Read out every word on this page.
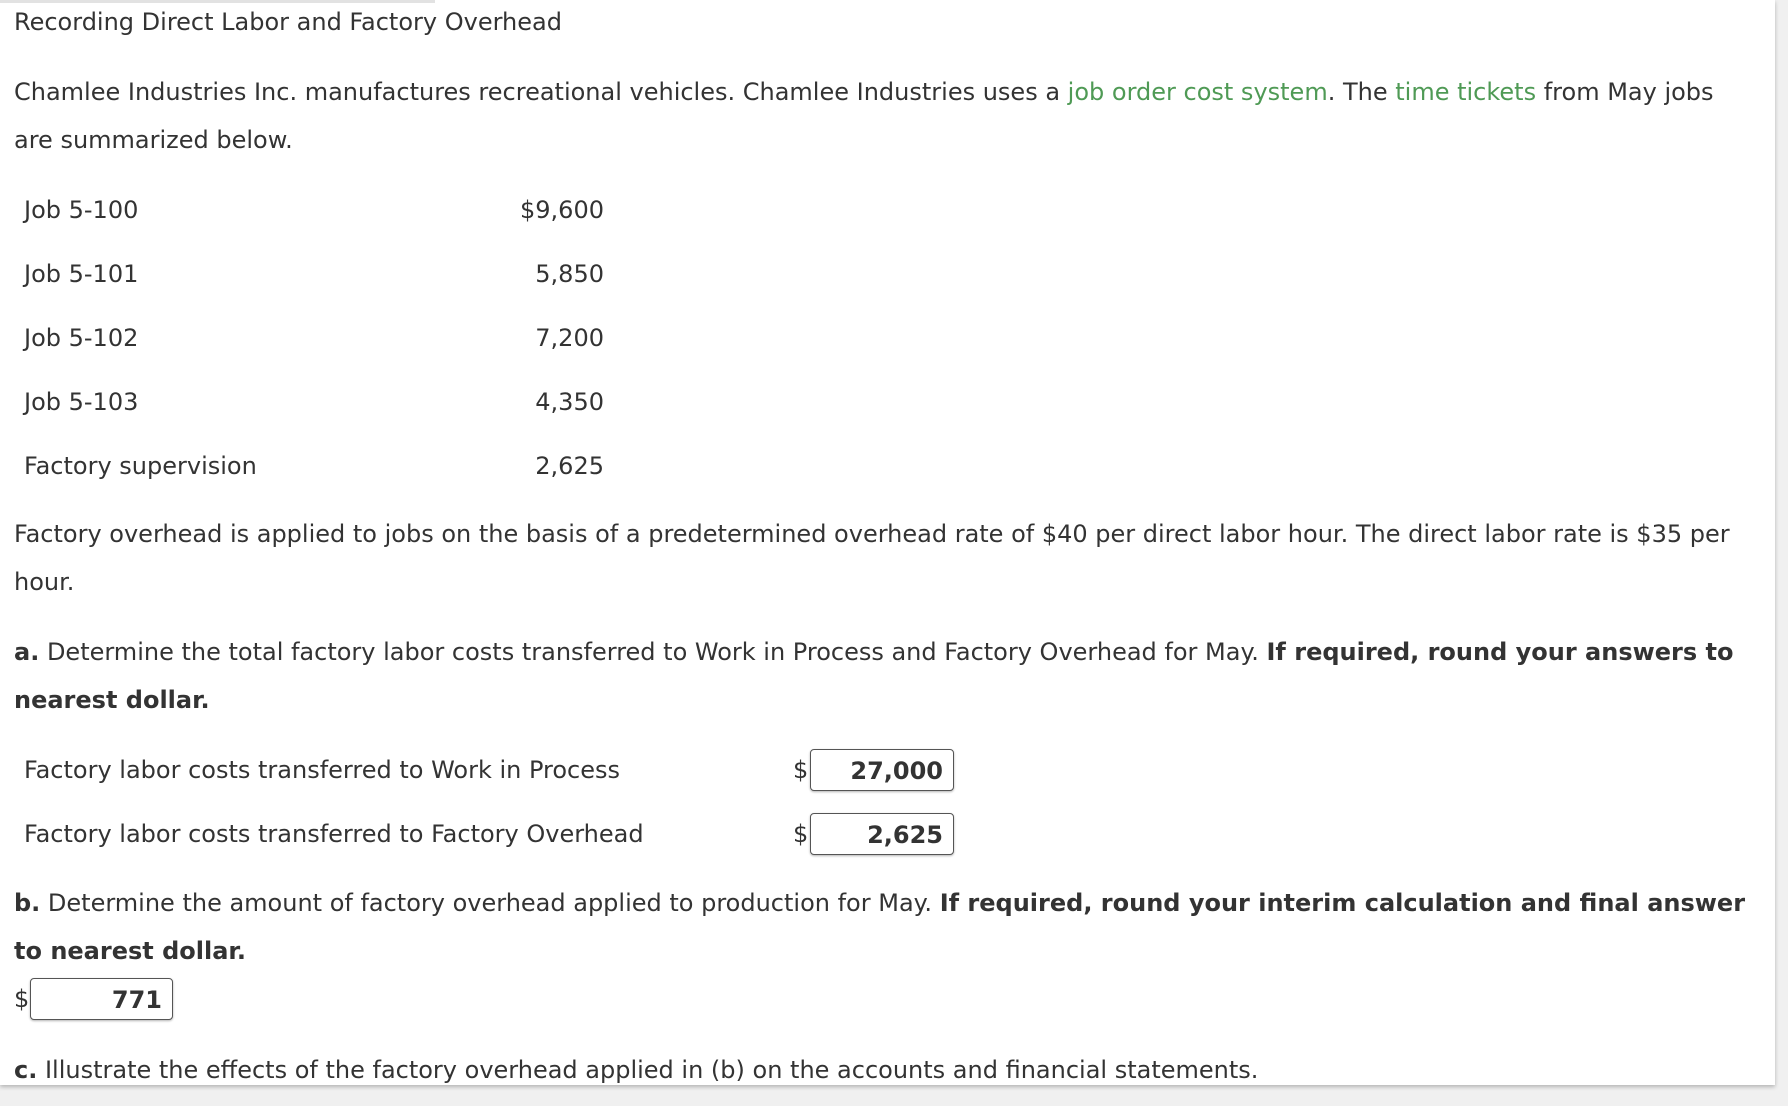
Recording Direct Labor and Factory Overhead
Chamlee Industries Inc. manufactures recreational vehicles. Chamlee Industries uses a job order cost system. The time tickets from May jobs
are summarized below.
Job 5-100	$9,600
Job 5-101	5,850
Job 5-102	7,200
Job 5-103	4,350
Factory supervision	2,625
Factory overhead is applied to jobs on the basis of a predetermined overhead rate of $40 per direct labor hour. The direct labor rate is $35 per
hour.
a. Determine the total factory labor costs transferred to Work in Process and Factory Overhead for May. If required, round your answers to
nearest dollar.
Factory labor costs transferred to Work in Process	$	27,000
Factory labor costs transferred to Factory Overhead	$	2,625
b. Determine the amount of factory overhead applied to production for May. If required, round your interim calculation and final answer
to nearest dollar.
$	771
c. Illustrate the effects of the factory overhead applied in (b) on the accounts and financial statements.
